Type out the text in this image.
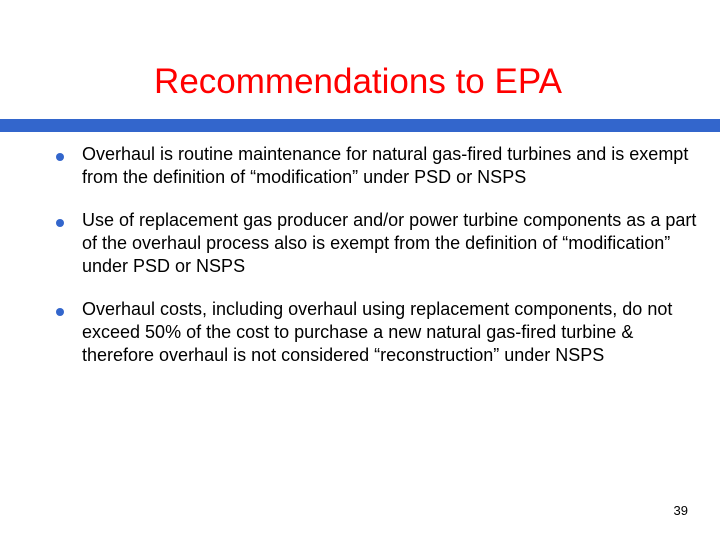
Recommendations to EPA
Overhaul is routine maintenance for natural gas-fired turbines and is exempt from the definition of “modification” under PSD or NSPS
Use of replacement gas producer and/or power turbine components as a part of the overhaul process also is exempt from the definition of “modification” under PSD or NSPS
Overhaul costs, including overhaul using replacement components, do not exceed 50% of the cost to purchase a new natural gas-fired turbine & therefore overhaul is not considered “reconstruction” under NSPS
39
